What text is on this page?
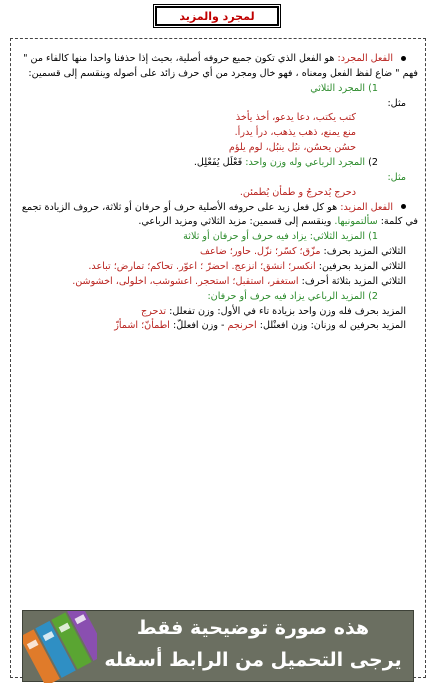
لمجرد والمزيد

الفعل المجرد: هو الفعل الذي تكون جميع حروفه أصلية، بحيث إذا حذفنا واحدا منها كالفاء من "

فهم " ضاع لفظ الفعل ومعناه ، فهو خال ومجرد من أي حرف زائد على أصوله وينقسم إلى قسمين:

1) المجرد الثلاثي

مثل:

كتب يكتب، دعا يدعو، أخذ يأخذ

منع يمنع، ذهب يذهب، درأ يدرأ.

حسُن يحسُن، نبُل ينبُل، لوم يلؤم

2) المجرد الرباعي وله وزن واحد: فَعْلَل يُفَعْلِل.

مثل:

دحرج يُدحرجُ و طمأن يُطمئن.

الفعل المزيد: هو كل فعل زيد على حروفه الأصلية حرف أو حرفان أو ثلاثة، حروف الزيادة تجمع

في كلمة: سألتمونيها. وينقسم إلى قسمين: مزيد الثلاثي ومزيد الرباعي.

1) المزيد الثلاثي: يزاد فيه حرف أو حرفان أو ثلاثة

الثلاثي المزيد بحرف: مزّق؛ كسّر؛ نزّل. حاور؛ ضاعف

الثلاثي المزيد بحرفين: انكسر؛ انشق؛ انزعج. احضرّ ؛ اعوّر. تحاكم؛ تمارض؛ تباعد.

الثلاثي المزيد بثلاثة أحرف: استغفر، استقبل؛ استحجر. اعشوشب، اخلولى، اخشوشن.

2) المزيد الرباعي يزاد فيه حرف أو حرفان:

المزيد بحرف فله وزن واحد بزيادة تاء في الأول: وزن تفعلل: تدحرج

المزيد بحرفين له وزنان: وزن افعنْلل: احرنجم - وزن افعللّ: اطمأنّ؛ اشمأزّ

هذه صورة توضيحية فقط
يرجى التحميل من الرابط أسفله
